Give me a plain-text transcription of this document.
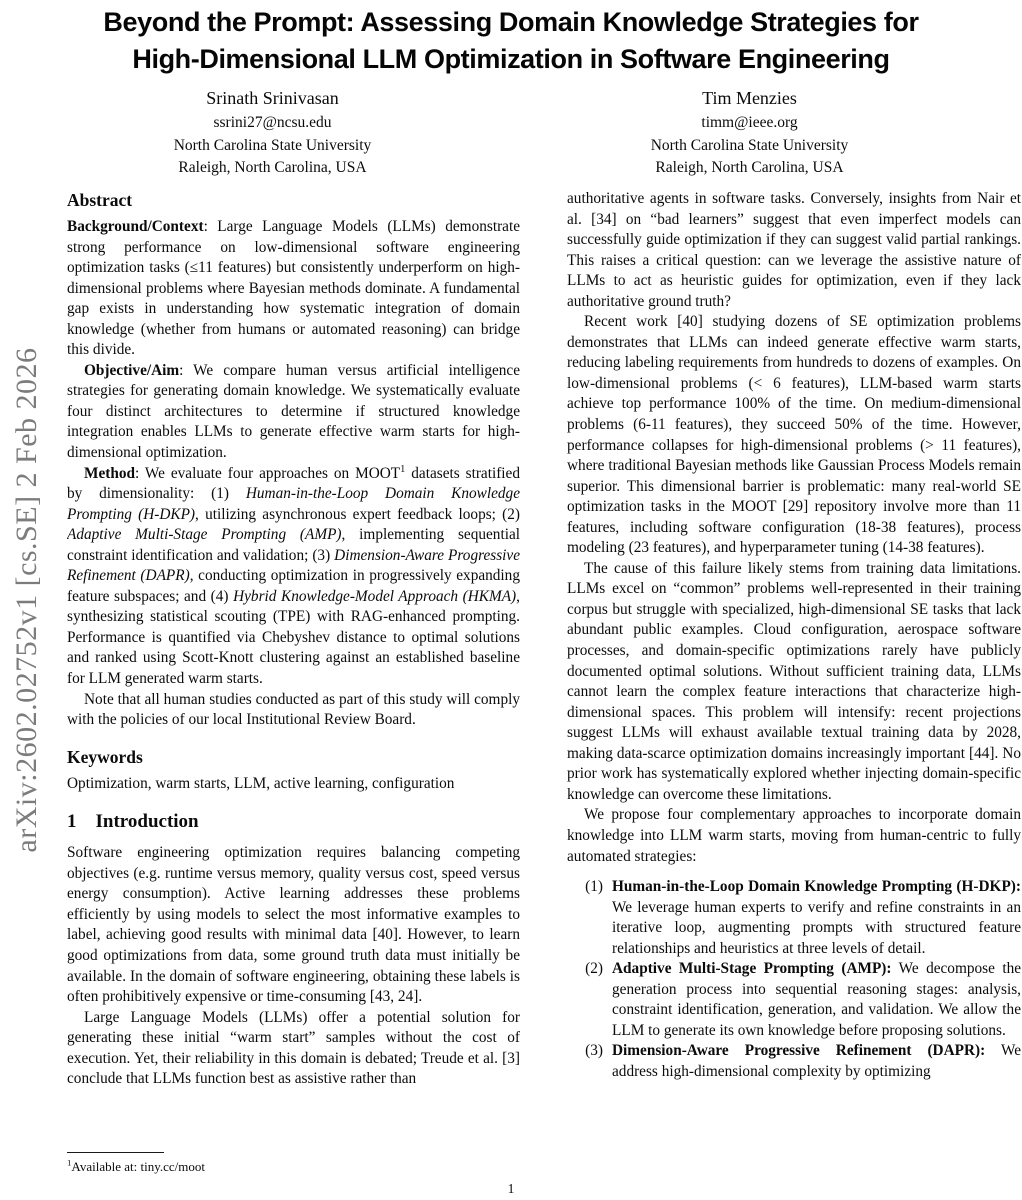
arXiv:2602.02752v1 [cs.SE] 2 Feb 2026
Beyond the Prompt: Assessing Domain Knowledge Strategies for
High-Dimensional LLM Optimization in Software Engineering
Srinath Srinivasan
ssrini27@ncsu.edu
North Carolina State University
Raleigh, North Carolina, USA
Tim Menzies
timm@ieee.org
North Carolina State University
Raleigh, North Carolina, USA
Abstract

Background/Context: Large Language Models (LLMs) demonstrate strong performance on low-dimensional software engineering optimization tasks (≤11 features) but consistently underperform on high-dimensional problems where Bayesian methods dominate. A fundamental gap exists in understanding how systematic integration of domain knowledge (whether from humans or automated reasoning) can bridge this divide.

Objective/Aim: We compare human versus artificial intelligence strategies for generating domain knowledge. We systematically evaluate four distinct architectures to determine if structured knowledge integration enables LLMs to generate effective warm starts for high-dimensional optimization.

Method: We evaluate four approaches on MOOT$^1$ datasets stratified by dimensionality: (1) Human-in-the-Loop Domain Knowledge Prompting (H-DKP), utilizing asynchronous expert feedback loops; (2) Adaptive Multi-Stage Prompting (AMP), implementing sequential constraint identification and validation; (3) Dimension-Aware Progressive Refinement (DAPR), conducting optimization in progressively expanding feature subspaces; and (4) Hybrid Knowledge-Model Approach (HKMA), synthesizing statistical scouting (TPE) with RAG-enhanced prompting. Performance is quantified via Chebyshev distance to optimal solutions and ranked using Scott-Knott clustering against an established baseline for LLM generated warm starts.

Note that all human studies conducted as part of this study will comply with the policies of our local Institutional Review Board.

Keywords

Optimization, warm starts, LLM, active learning, configuration

1 Introduction

Software engineering optimization requires balancing competing objectives (e.g. runtime versus memory, quality versus cost, speed versus energy consumption). Active learning addresses these problems efficiently by using models to select the most informative examples to label, achieving good results with minimal data [40]. However, to learn good optimizations from data, some ground truth data must initially be available. In the domain of software engineering, obtaining these labels is often prohibitively expensive or time-consuming [43, 24].

Large Language Models (LLMs) offer a potential solution for generating these initial “warm start” samples without the cost of execution. Yet, their reliability in this domain is debated; Treude et al. [3] conclude that LLMs function best as assistive rather than

authoritative agents in software tasks. Conversely, insights from Nair et al. [34] on “bad learners” suggest that even imperfect models can successfully guide optimization if they can suggest valid partial rankings. This raises a critical question: can we leverage the assistive nature of LLMs to act as heuristic guides for optimization, even if they lack authoritative ground truth?

Recent work [40] studying dozens of SE optimization problems demonstrates that LLMs can indeed generate effective warm starts, reducing labeling requirements from hundreds to dozens of examples. On low-dimensional problems (< 6 features), LLM-based warm starts achieve top performance 100% of the time. On medium-dimensional problems (6-11 features), they succeed 50% of the time. However, performance collapses for high-dimensional problems (> 11 features), where traditional Bayesian methods like Gaussian Process Models remain superior. This dimensional barrier is problematic: many real-world SE optimization tasks in the MOOT [29] repository involve more than 11 features, including software configuration (18-38 features), process modeling (23 features), and hyperparameter tuning (14-38 features).

The cause of this failure likely stems from training data limitations. LLMs excel on “common” problems well-represented in their training corpus but struggle with specialized, high-dimensional SE tasks that lack abundant public examples. Cloud configuration, aerospace software processes, and domain-specific optimizations rarely have publicly documented optimal solutions. Without sufficient training data, LLMs cannot learn the complex feature interactions that characterize high-dimensional spaces. This problem will intensify: recent projections suggest LLMs will exhaust available textual training data by 2028, making data-scarce optimization domains increasingly important [44]. No prior work has systematically explored whether injecting domain-specific knowledge can overcome these limitations.

We propose four complementary approaches to incorporate domain knowledge into LLM warm starts, moving from human-centric to fully automated strategies:

(1) Human-in-the-Loop Domain Knowledge Prompting (H-DKP): We leverage human experts to verify and refine constraints in an iterative loop, augmenting prompts with structured feature relationships and heuristics at three levels of detail.
(2) Adaptive Multi-Stage Prompting (AMP): We decompose the generation process into sequential reasoning stages: analysis, constraint identification, generation, and validation. We allow the LLM to generate its own knowledge before proposing solutions.
(3) Dimension-Aware Progressive Refinement (DAPR): We address high-dimensional complexity by optimizing
$^1$Available at: tiny.cc/moot
1
